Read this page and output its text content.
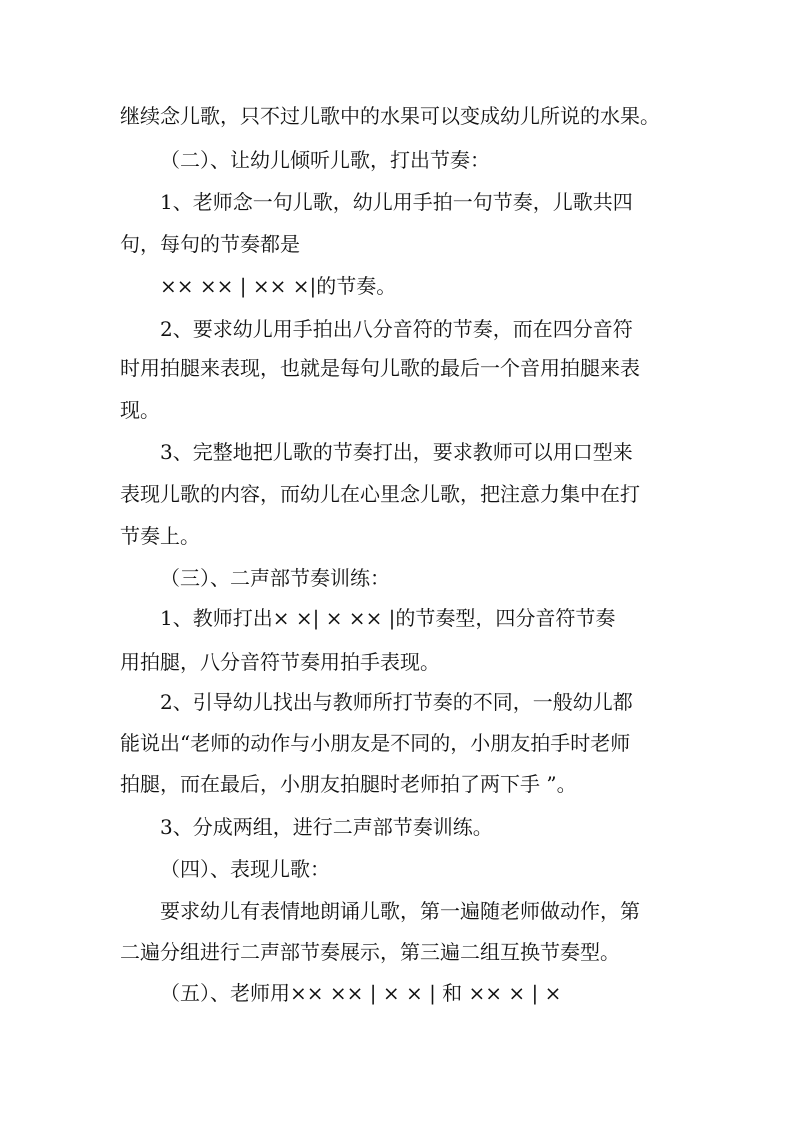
继续念儿歌，只不过儿歌中的水果可以变成幼儿所说的水果。
（二）、让幼儿倾听儿歌，打出节奏：
1、老师念一句儿歌，幼儿用手拍一句节奏，儿歌共四
句，每句的节奏都是
×× ×× | ×× ×|的节奏。
2、要求幼儿用手拍出八分音符的节奏，而在四分音符
时用拍腿来表现，也就是每句儿歌的最后一个音用拍腿来表
现。
3、完整地把儿歌的节奏打出，要求教师可以用口型来
表现儿歌的内容，而幼儿在心里念儿歌，把注意力集中在打
节奏上。
（三）、二声部节奏训练：
1、教师打出× ×| × ×× |的节奏型，四分音符节奏
用拍腿，八分音符节奏用拍手表现。
2、引导幼儿找出与教师所打节奏的不同，一般幼儿都
能说出“老师的动作与小朋友是不同的，小朋友拍手时老师
拍腿，而在最后，小朋友拍腿时老师拍了两下手 ”。
3、分成两组，进行二声部节奏训练。
（四）、表现儿歌：
要求幼儿有表情地朗诵儿歌，第一遍随老师做动作，第
二遍分组进行二声部节奏展示，第三遍二组互换节奏型。
（五）、老师用×× ×× | × × | 和 ×× × | ×
